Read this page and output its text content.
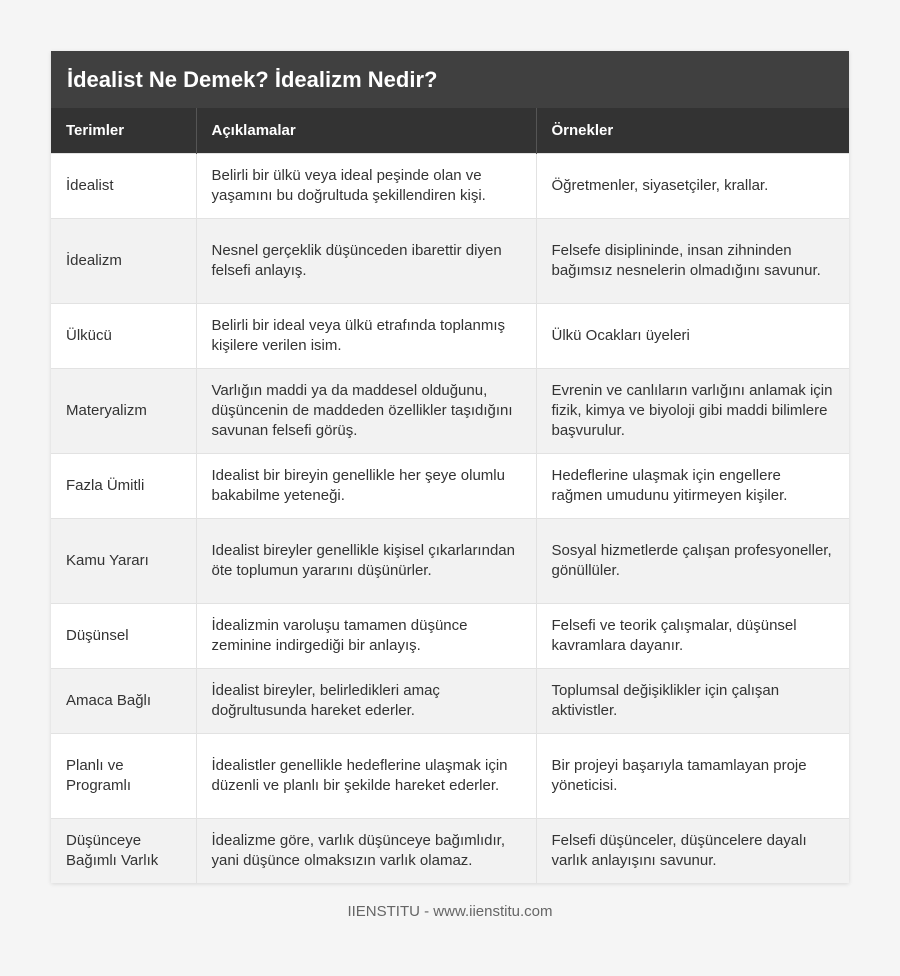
İdealist Ne Demek? İdealizm Nedir?
Terimler	Açıklamalar	Örnekler
İdealist	Belirli bir ülkü veya ideal peşinde olan ve yaşamını bu doğrultuda şekillendiren kişi.	Öğretmenler, siyasetçiler, krallar.
İdealizm	Nesnel gerçeklik düşünceden ibarettir diyen felsefi anlayış.	Felsefe disiplininde, insan zihninden bağımsız nesnelerin olmadığını savunur.
Ülkücü	Belirli bir ideal veya ülkü etrafında toplanmış kişilere verilen isim.	Ülkü Ocakları üyeleri
Materyalizm	Varlığın maddi ya da maddesel olduğunu, düşüncenin de maddeden özellikler taşıdığını savunan felsefi görüş.	Evrenin ve canlıların varlığını anlamak için fizik, kimya ve biyoloji gibi maddi bilimlere başvurulur.
Fazla Ümitli	Idealist bir bireyin genellikle her şeye olumlu bakabilme yeteneği.	Hedeflerine ulaşmak için engellere rağmen umudunu yitirmeyen kişiler.
Kamu Yararı	Idealist bireyler genellikle kişisel çıkarlarından öte toplumun yararını düşünürler.	Sosyal hizmetlerde çalışan profesyoneller, gönüllüler.
Düşünsel	İdealizmin varoluşu tamamen düşünce zeminine indirgediği bir anlayış.	Felsefi ve teorik çalışmalar, düşünsel kavramlara dayanır.
Amaca Bağlı	İdealist bireyler, belirledikleri amaç doğrultusunda hareket ederler.	Toplumsal değişiklikler için çalışan aktivistler.
Planlı ve Programlı	İdealistler genellikle hedeflerine ulaşmak için düzenli ve planlı bir şekilde hareket ederler.	Bir projeyi başarıyla tamamlayan proje yöneticisi.
Düşünceye Bağımlı Varlık	İdealizme göre, varlık düşünceye bağımlıdır, yani düşünce olmaksızın varlık olamaz.	Felsefi düşünceler, düşüncelere dayalı varlık anlayışını savunur.
IIENSTITU - www.iienstitu.com
